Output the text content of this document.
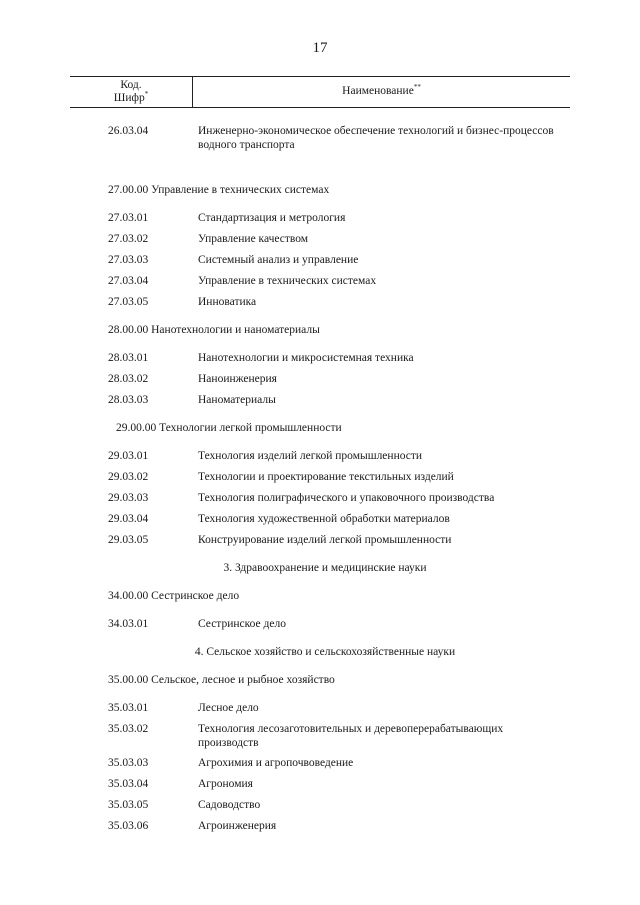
17
Код.
Шифр*	Наименование**
26.03.04	Инженерно-экономическое обеспечение технологий и бизнес-процессов водного транспорта
27.00.00 Управление в технических системах
27.03.01	Стандартизация и метрология
27.03.02	Управление качеством
27.03.03	Системный анализ и управление
27.03.04	Управление в технических системах
27.03.05	Инноватика
28.00.00 Нанотехнологии и наноматериалы
28.03.01	Нанотехнологии и микросистемная техника
28.03.02	Наноинженерия
28.03.03	Наноматериалы
29.00.00 Технологии легкой промышленности
29.03.01	Технология изделий легкой промышленности
29.03.02	Технологии и проектирование текстильных изделий
29.03.03	Технология полиграфического и упаковочного производства
29.03.04	Технология художественной обработки материалов
29.03.05	Конструирование изделий легкой промышленности
3. Здравоохранение и медицинские науки
34.00.00 Сестринское дело
34.03.01	Сестринское дело
4. Сельское хозяйство и сельскохозяйственные науки
35.00.00 Сельское, лесное и рыбное хозяйство
35.03.01	Лесное дело
35.03.02	Технология лесозаготовительных и деревоперерабатывающих производств
35.03.03	Агрохимия и агропочвоведение
35.03.04	Агрономия
35.03.05	Садоводство
35.03.06	Агроинженерия
